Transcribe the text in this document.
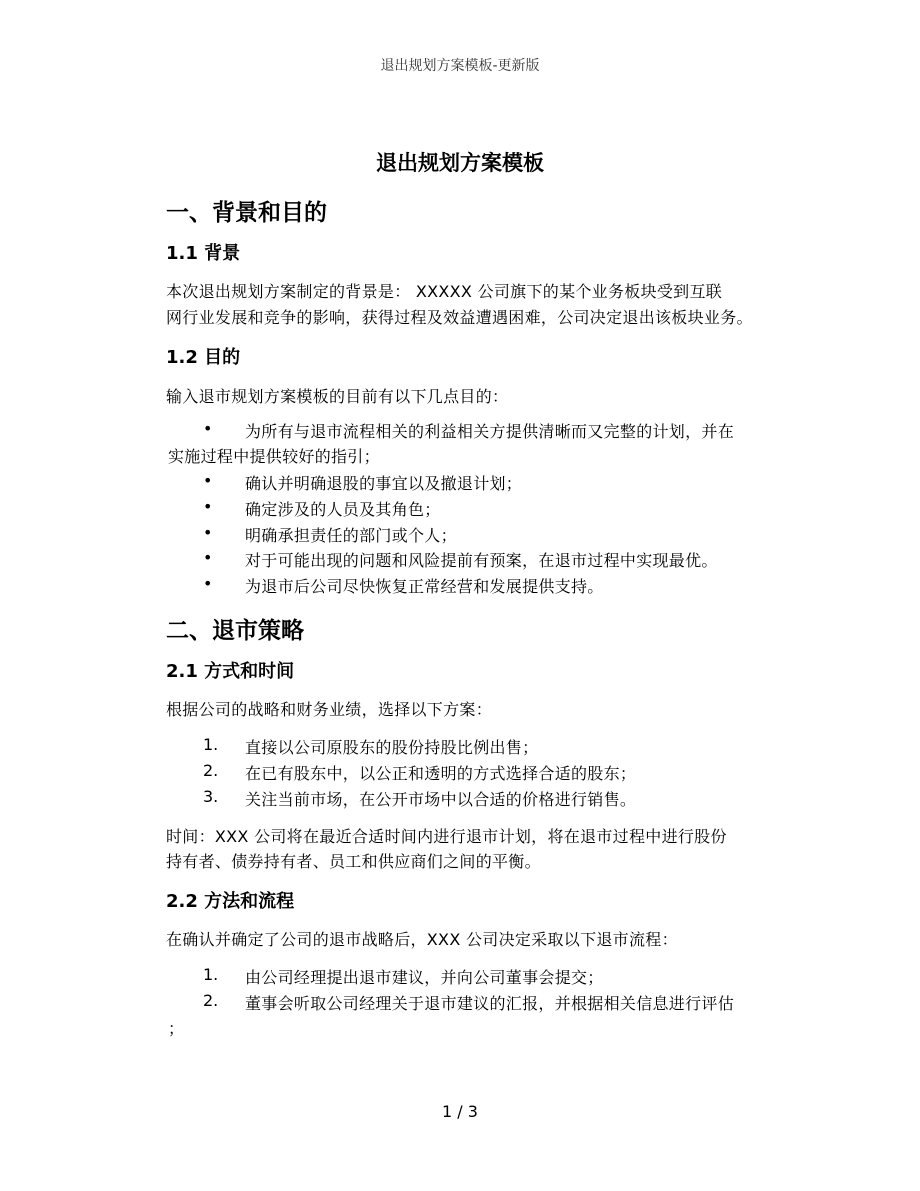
退出规划方案模板-更新版
退出规划方案模板
一、背景和目的
1.1 背景
本次退出规划方案制定的背景是： XXXXX 公司旗下的某个业务板块受到互联
网行业发展和竞争的影响，获得过程及效益遭遇困难，公司决定退出该板块业务。
1.2 目的
输入退市规划方案模板的目前有以下几点目的：
• 为所有与退市流程相关的利益相关方提供清晰而又完整的计划，并在
实施过程中提供较好的指引；
• 确认并明确退股的事宜以及撤退计划；
• 确定涉及的人员及其角色；
• 明确承担责任的部门或个人；
• 对于可能出现的问题和风险提前有预案，在退市过程中实现最优。
• 为退市后公司尽快恢复正常经营和发展提供支持。
二、退市策略
2.1 方式和时间
根据公司的战略和财务业绩，选择以下方案：
1. 直接以公司原股东的股份持股比例出售；
2. 在已有股东中，以公正和透明的方式选择合适的股东；
3. 关注当前市场，在公开市场中以合适的价格进行销售。
时间：XXX 公司将在最近合适时间内进行退市计划，将在退市过程中进行股份
持有者、债券持有者、员工和供应商们之间的平衡。
2.2 方法和流程
在确认并确定了公司的退市战略后，XXX 公司决定采取以下退市流程：
1. 由公司经理提出退市建议，并向公司董事会提交；
2. 董事会听取公司经理关于退市建议的汇报，并根据相关信息进行评估
；
1 / 3
